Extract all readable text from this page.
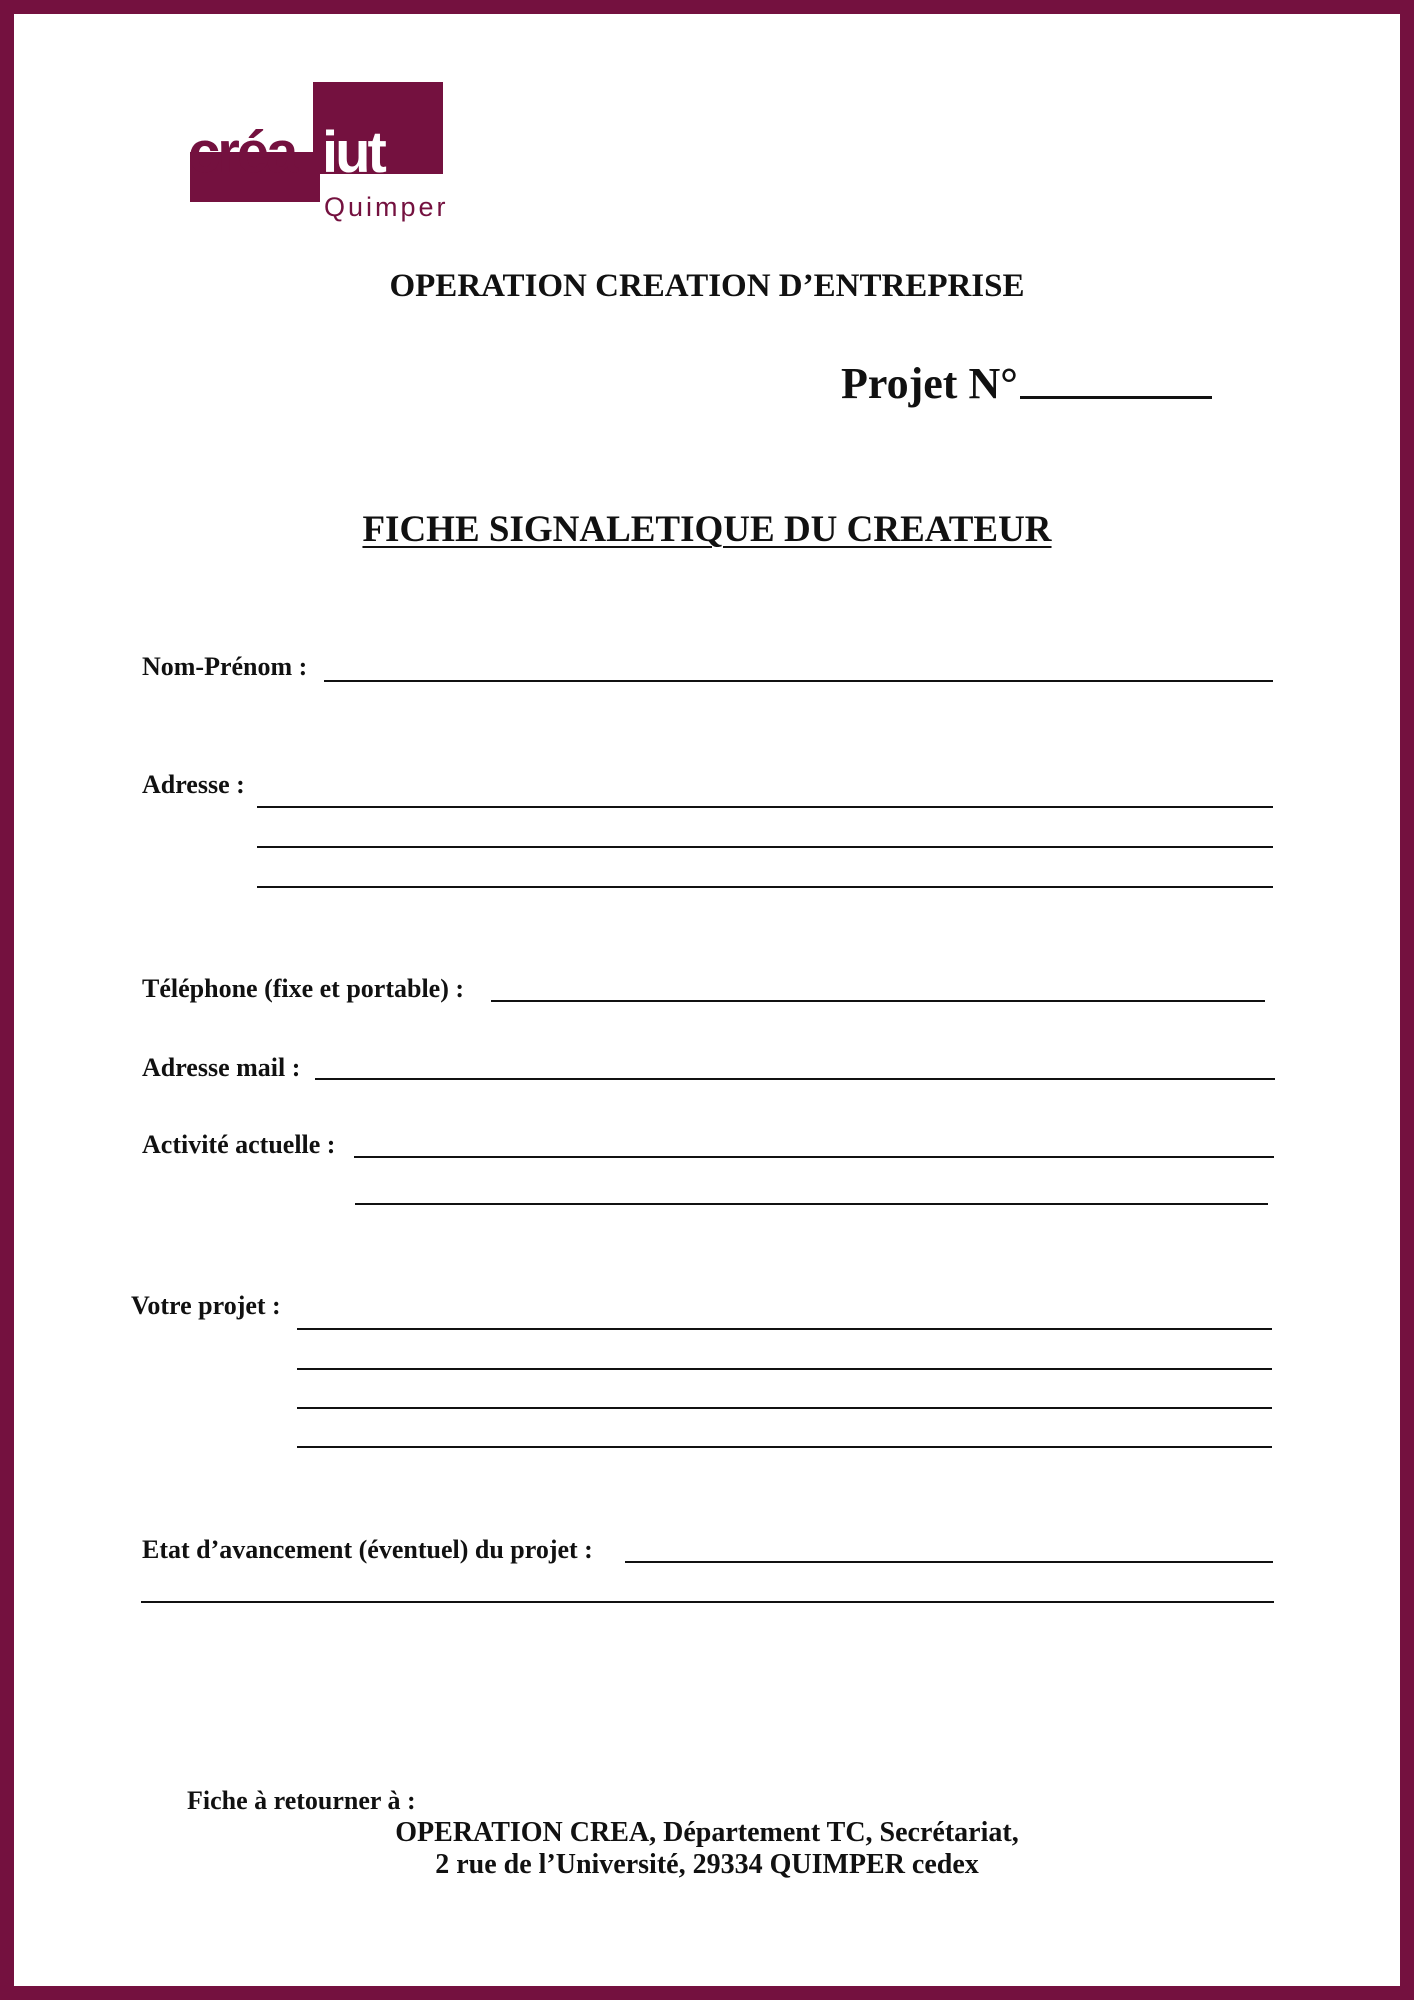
créa iut
Quimper
OPERATION CREATION D’ENTREPRISE
Projet N°
FICHE SIGNALETIQUE DU CREATEUR
Nom-Prénom :
Adresse :
Téléphone (fixe et portable) :
Adresse mail :
Activité actuelle :
Votre projet :
Etat d’avancement (éventuel) du projet :
Fiche à retourner à :
OPERATION CREA, Département TC, Secrétariat,
2 rue de l’Université, 29334 QUIMPER cedex
